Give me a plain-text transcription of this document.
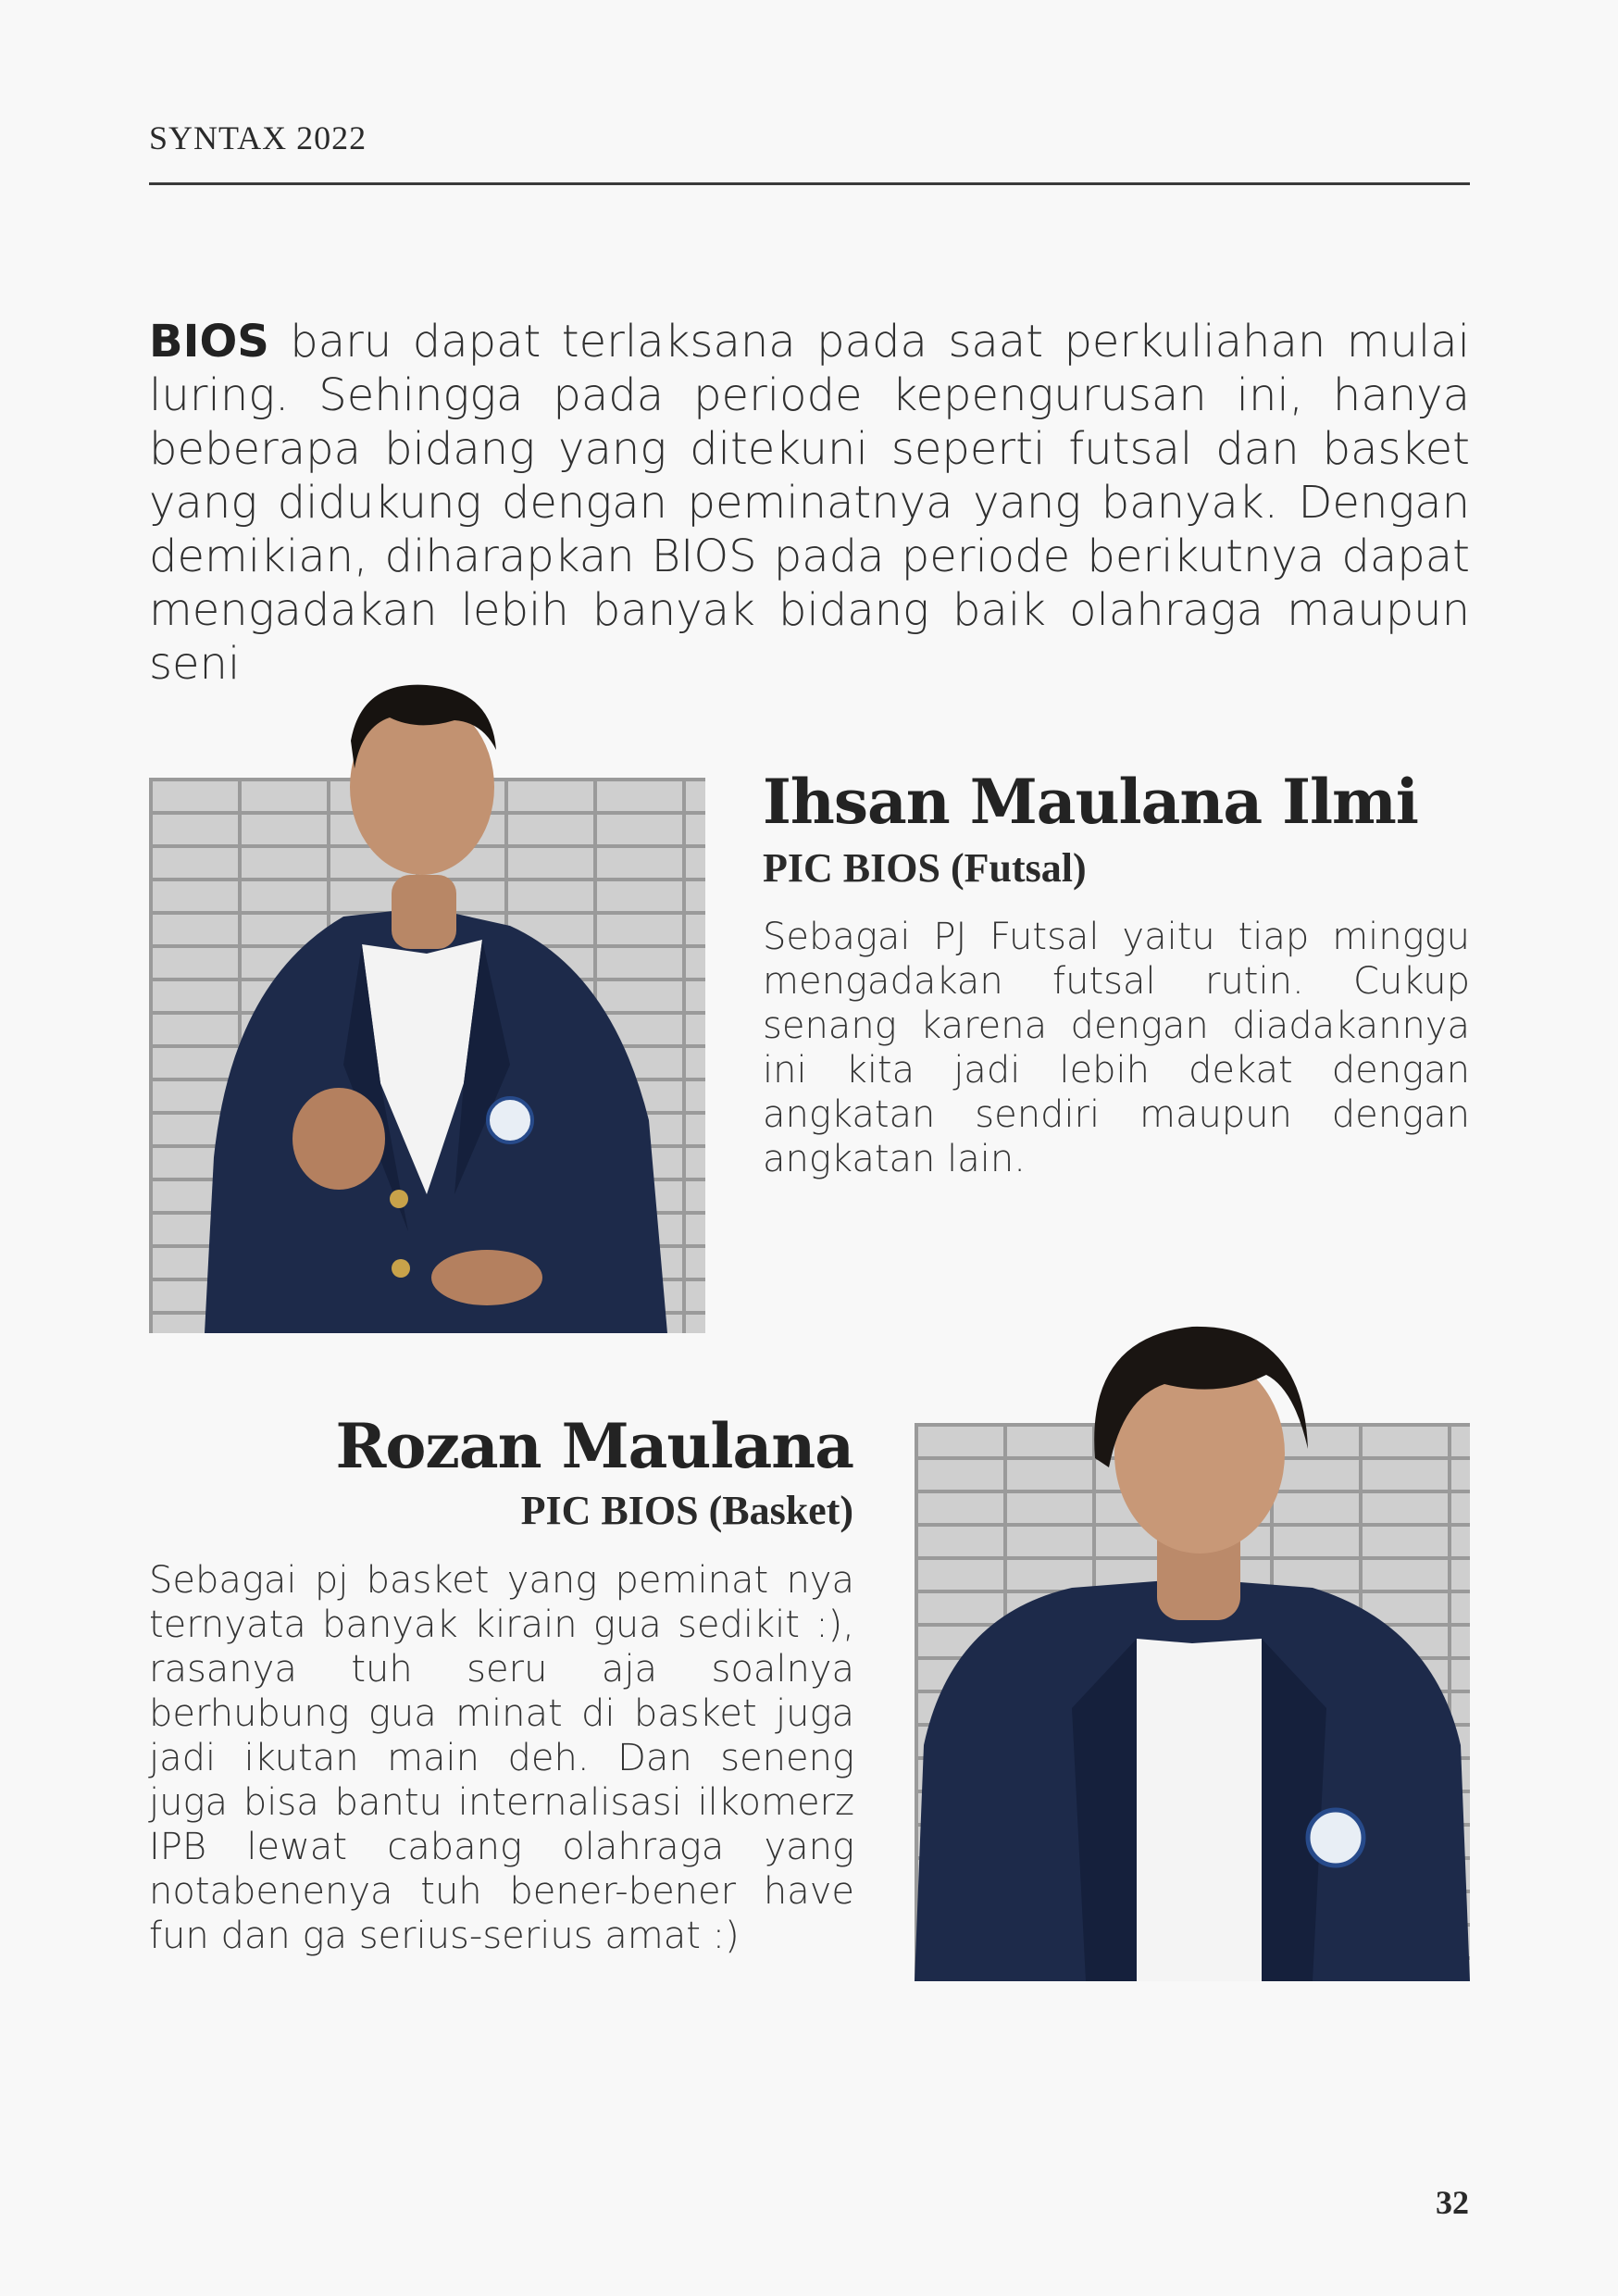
SYNTAX 2022

BIOS baru dapat terlaksana pada saat perkuliahan mulai luring. Sehingga pada periode kepengurusan ini, hanya beberapa bidang yang ditekuni seperti futsal dan basket yang didukung dengan peminatnya yang banyak. Dengan demikian, diharapkan BIOS pada periode berikutnya dapat mengadakan lebih banyak bidang baik olahraga maupun seni

Ihsan Maulana Ilmi
PIC BIOS (Futsal)

Sebagai PJ Futsal yaitu tiap minggu mengadakan futsal rutin. Cukup senang karena dengan diadakannya ini kita jadi lebih dekat dengan angkatan sendiri maupun dengan angkatan lain.

Rozan Maulana
PIC BIOS (Basket)

Sebagai pj basket yang peminat nya ternyata banyak kirain gua sedikit :), rasanya tuh seru aja soalnya berhubung gua minat di basket juga jadi ikutan main deh. Dan seneng juga bisa bantu internalisasi ilkomerz IPB lewat cabang olahraga yang notabenenya tuh bener-bener have fun dan ga serius-serius amat :)

32
